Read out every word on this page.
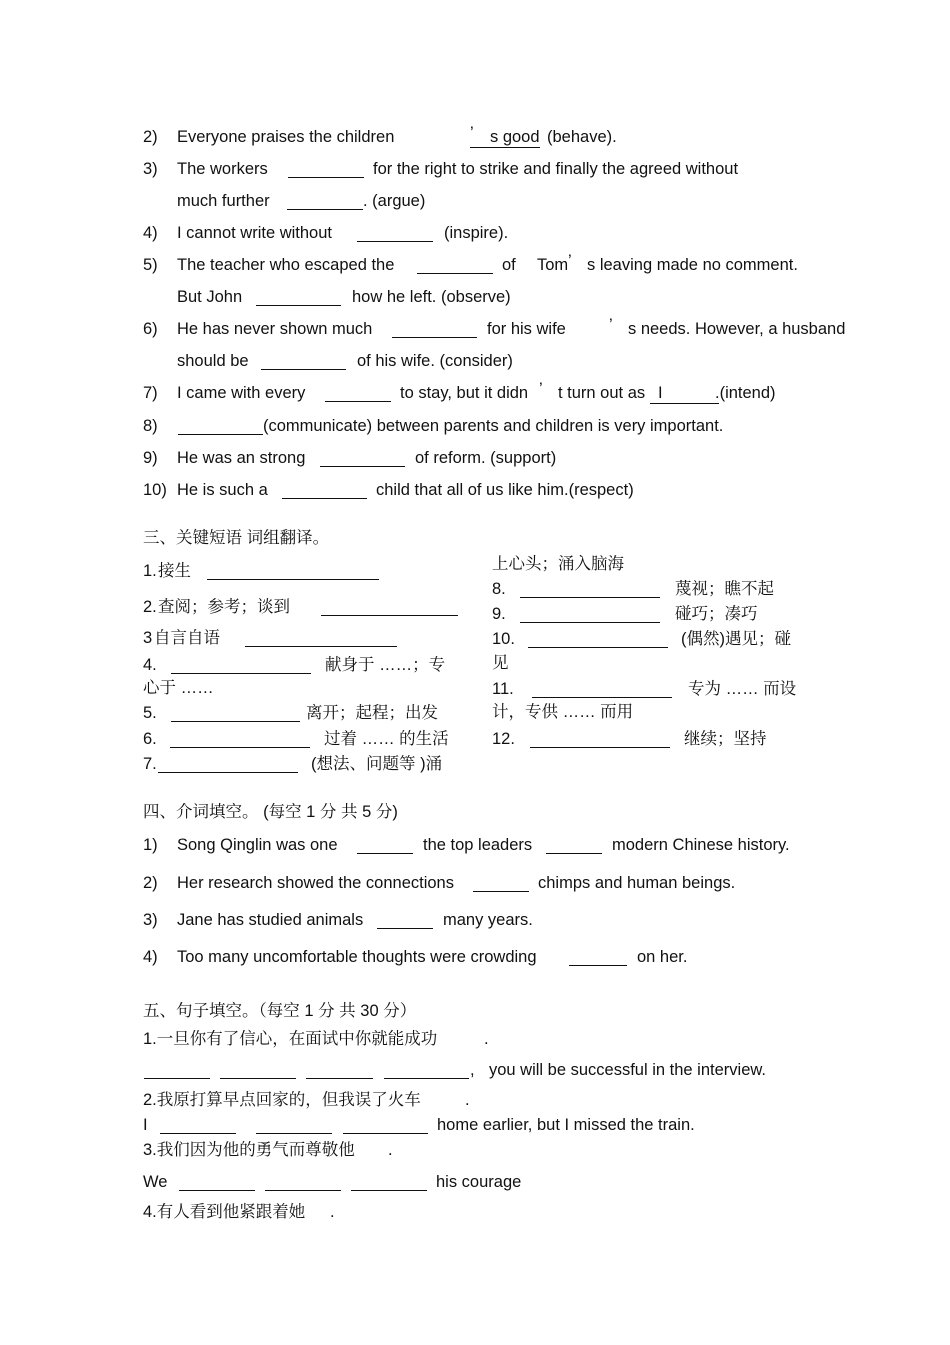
2) Everyone praises the children	’ s good (behave).
3) The workers	for the right to strike and finally the agreed without
much further	. (argue)
4) I cannot write without	(inspire).
5) The teacher who escaped the	of Tom ’ s leaving made no comment.
But John	how he left. (observe)
6) He has never shown much	for his wife	’ s needs. However, a husband
should be	of his wife. (consider)
7) I came with every	to stay, but it didn ’ t turn out as I	.(intend)
8)	(communicate) between parents and children is very important.
9) He was an strong	of reform. (support)
10) He is such a	child that all of us like him.(respect)
三、关键短语 词组翻译。
1. 接生
2. 查阅；参考；谈到
3 自言自语
4.	献身于 ……；专
心于 ……
5.	离开；起程；出发
6.	过着 …… 的生活
7.	(想法、问题等 )涌
上心头；涌入脑海
8.	蔑视；瞧不起
9.	碰巧；凑巧
10.	(偶然)遇见；碰
见
11.	专为 …… 而设
计，专供 …… 而用
12.	继续；坚持
四、介词填空。 (每空 1 分 共 5 分)
1) Song Qinglin was one	the top leaders	modern Chinese history.
2) Her research showed the connections	chimps and human beings.
3) Jane has studied animals	many years.
4) Too many uncomfortable thoughts were crowding	on her.
五、句子填空。（每空 1 分 共 30 分）
1.一旦你有了信心，在面试中你就能成功	.
, you will be successful in the interview.
2.我原打算早点回家的，但我误了火车	.
I	home earlier, but I missed the train.
3.我们因为他的勇气而尊敬他 .
We	his courage
4.有人看到他紧跟着她 .
